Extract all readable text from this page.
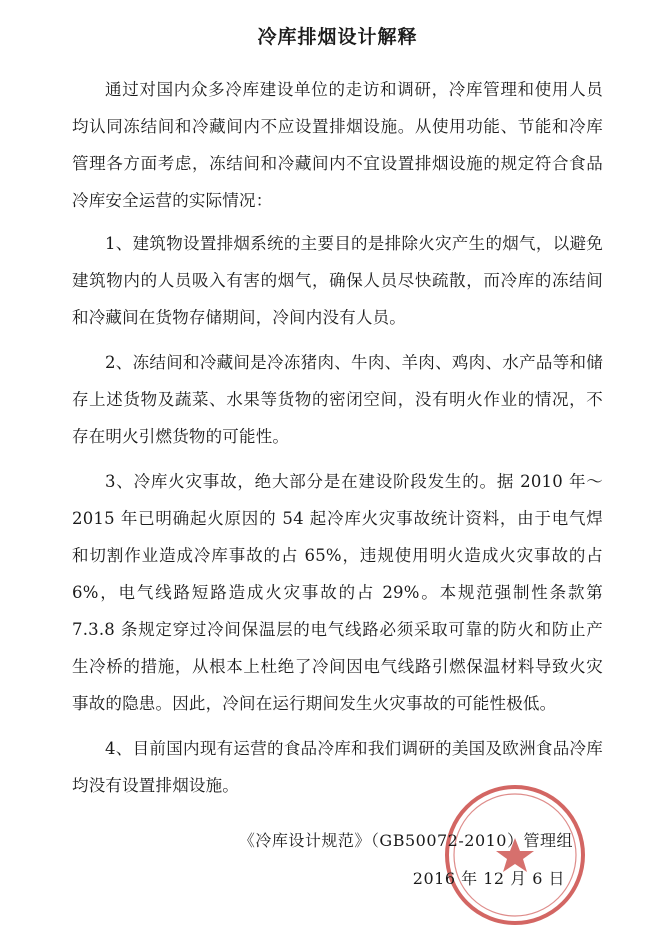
冷库排烟设计解释
通过对国内众多冷库建设单位的走访和调研，冷库管理和使用人员均认同冻结间和冷藏间内不应设置排烟设施。从使用功能、节能和冷库管理各方面考虑，冻结间和冷藏间内不宜设置排烟设施的规定符合食品冷库安全运营的实际情况：
1、建筑物设置排烟系统的主要目的是排除火灾产生的烟气，以避免建筑物内的人员吸入有害的烟气，确保人员尽快疏散，而冷库的冻结间和冷藏间在货物存储期间，冷间内没有人员。
2、冻结间和冷藏间是冷冻猪肉、牛肉、羊肉、鸡肉、水产品等和储存上述货物及蔬菜、水果等货物的密闭空间，没有明火作业的情况，不存在明火引燃货物的可能性。
3、冷库火灾事故，绝大部分是在建设阶段发生的。据 2010 年～2015 年已明确起火原因的 54 起冷库火灾事故统计资料，由于电气焊和切割作业造成冷库事故的占 65%，违规使用明火造成火灾事故的占 6%，电气线路短路造成火灾事故的占 29%。本规范强制性条款第 7.3.8 条规定穿过冷间保温层的电气线路必须采取可靠的防火和防止产生冷桥的措施，从根本上杜绝了冷间因电气线路引燃保温材料导致火灾事故的隐患。因此，冷间在运行期间发生火灾事故的可能性极低。
4、目前国内现有运营的食品冷库和我们调研的美国及欧洲食品冷库均没有设置排烟设施。
《冷库设计规范》（GB50072-2010）管理组
2016 年 12 月 6 日
